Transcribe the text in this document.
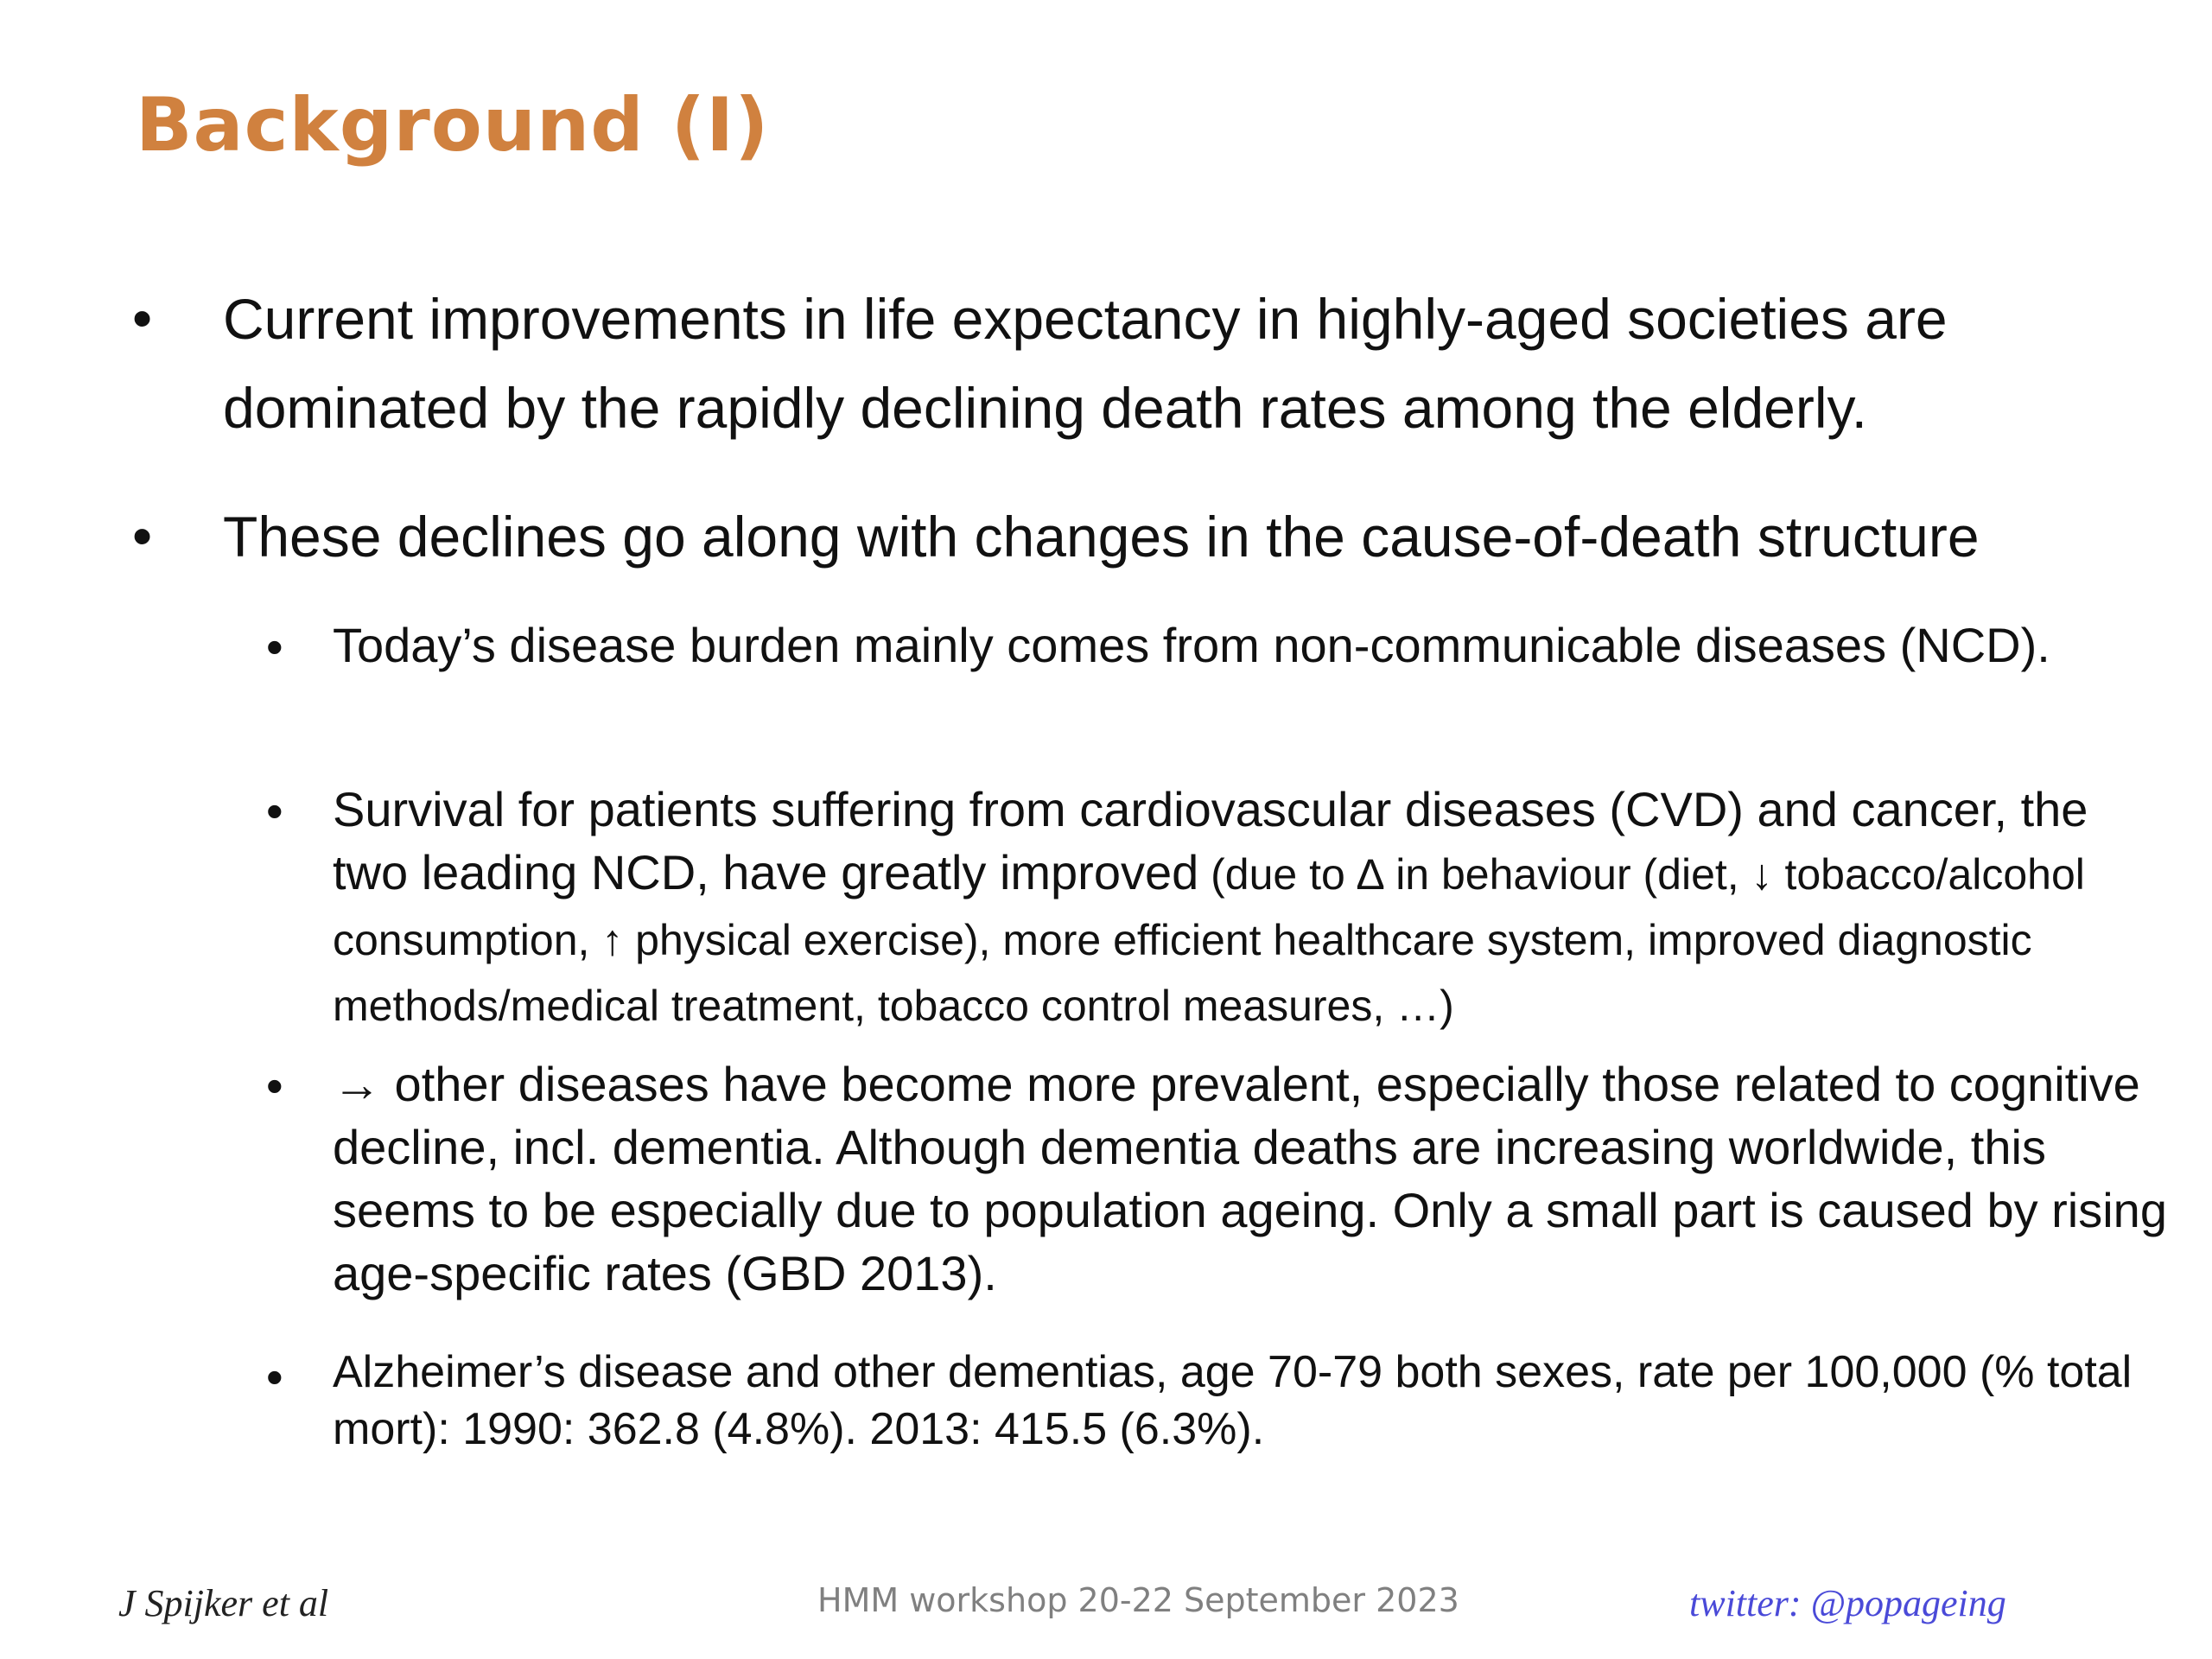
Background (I)
• Current improvements in life expectancy in highly-aged societies are dominated by the rapidly declining death rates among the elderly.
• These declines go along with changes in the cause-of-death structure
• Today’s disease burden mainly comes from non-communicable diseases (NCD).
• Survival for patients suffering from cardiovascular diseases (CVD) and cancer, the two leading NCD, have greatly improved (due to ∆ in behaviour (diet, ↓ tobacco/alcohol consumption, ↑ physical exercise), more efficient healthcare system, improved diagnostic methods/medical treatment, tobacco control measures, …)
• → other diseases have become more prevalent, especially those related to cognitive decline, incl. dementia. Although dementia deaths are increasing worldwide, this seems to be especially due to population ageing. Only a small part is caused by rising age-specific rates (GBD 2013).
• Alzheimer’s disease and other dementias, age 70-79 both sexes, rate per 100,000 (% total mort): 1990: 362.8 (4.8%). 2013: 415.5 (6.3%).
J Spijker et al	HMM workshop 20-22 September 2023	twitter: @popageing
